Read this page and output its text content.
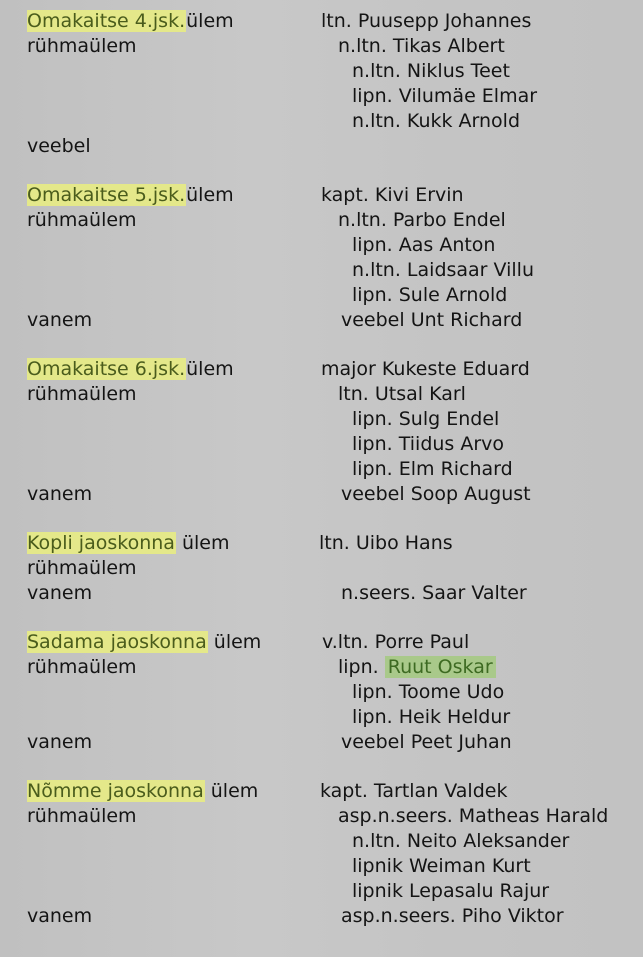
Omakaitse 4.jsk.ülem	ltn. Puusepp Johannes
rühmaülem	n.ltn. Tikas Albert
n.ltn. Niklus Teet
lipn. Vilumäe Elmar
n.ltn. Kukk Arnold
veebel
Omakaitse 5.jsk.ülem	kapt. Kivi Ervin
rühmaülem	n.ltn. Parbo Endel
lipn. Aas Anton
n.ltn. Laidsaar Villu
lipn. Sule Arnold
vanem	veebel Unt Richard
Omakaitse 6.jsk.ülem	major Kukeste Eduard
rühmaülem	ltn. Utsal Karl
lipn. Sulg Endel
lipn. Tiidus Arvo
lipn. Elm Richard
vanem	veebel Soop August
Kopli jaoskonna ülem	ltn. Uibo Hans
rühmaülem
vanem	n.seers. Saar Valter
Sadama jaoskonna ülem	v.ltn. Porre Paul
rühmaülem	lipn. Ruut Oskar
lipn. Toome Udo
lipn. Heik Heldur
vanem	veebel Peet Juhan
Nõmme jaoskonna ülem	kapt. Tartlan Valdek
rühmaülem	asp.n.seers. Matheas Harald
n.ltn. Neito Aleksander
lipnik Weiman Kurt
lipnik Lepasalu Rajur
vanem	asp.n.seers. Piho Viktor
